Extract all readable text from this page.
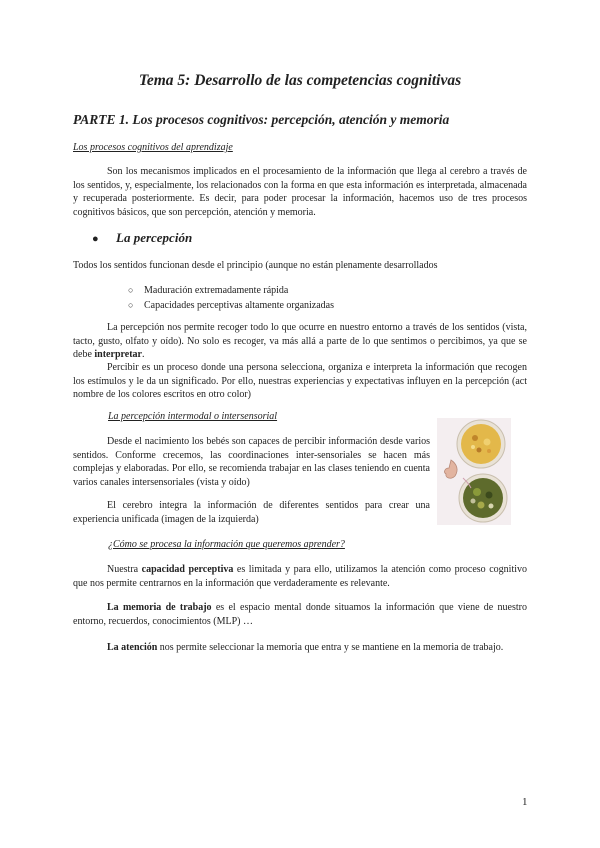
Tema 5: Desarrollo de las competencias cognitivas
PARTE 1. Los procesos cognitivos: percepción, atención y memoria
Los procesos cognitivos del aprendizaje
Son los mecanismos implicados en el procesamiento de la información que llega al cerebro a través de los sentidos, y, especialmente, los relacionados con la forma en que esta información es interpretada, almacenada y recuperada posteriormente. Es decir, para poder procesar la información, hacemos uso de tres procesos cognitivos básicos, que son percepción, atención y memoria.
● La percepción
Todos los sentidos funcionan desde el principio (aunque no están plenamente desarrollados
○ Maduración extremadamente rápida
○ Capacidades perceptivas altamente organizadas
La percepción nos permite recoger todo lo que ocurre en nuestro entorno a través de los sentidos (vista, tacto, gusto, olfato y oído). No solo es recoger, va más allá a parte de lo que sentimos o percibimos, ya que se debe interpretar.
Percibir es un proceso donde una persona selecciona, organiza e interpreta la información que recogen los estímulos y le da un significado. Por ello, nuestras experiencias y expectativas influyen en la percepción (act nombre de los colores escritos en otro color)
La percepción intermodal o intersensorial
Desde el nacimiento los bebés son capaces de percibir información desde varios sentidos. Conforme crecemos, las coordinaciones inter-sensoriales se hacen más complejas y elaboradas. Por ello, se recomienda trabajar en las clases teniendo en cuenta varios canales intersensoriales (vista y oído)
El cerebro integra la información de diferentes sentidos para crear una experiencia unificada (imagen de la izquierda)
¿Cómo se procesa la información que queremos aprender?
Nuestra capacidad perceptiva es limitada y para ello, utilizamos la atención como proceso cognitivo que nos permite centrarnos en la información que verdaderamente es relevante.
La memoria de trabajo es el espacio mental donde situamos la información que viene de nuestro entorno, recuerdos, conocimientos (MLP) …
La atención nos permite seleccionar la memoria que entra y se mantiene en la memoria de trabajo.
1
